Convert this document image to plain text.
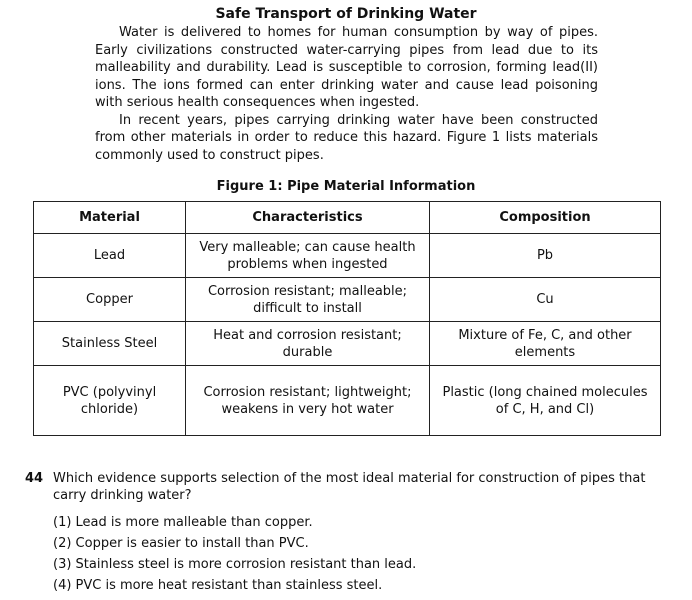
Safe Transport of Drinking Water

Water is delivered to homes for human consumption by way of pipes. Early civilizations constructed water-carrying pipes from lead due to its malleability and durability. Lead is susceptible to corrosion, forming lead(II) ions. The ions formed can enter drinking water and cause lead poisoning with serious health consequences when ingested.

In recent years, pipes carrying drinking water have been constructed from other materials in order to reduce this hazard. Figure 1 lists materials commonly used to construct pipes.

Figure 1: Pipe Material Information
Material	Characteristics	Composition
Lead	Very malleable; can cause health problems when ingested	Pb
Copper	Corrosion resistant; malleable; difficult to install	Cu
Stainless Steel	Heat and corrosion resistant; durable	Mixture of Fe, C, and other elements
PVC (polyvinyl chloride)	Corrosion resistant; lightweight; weakens in very hot water	Plastic (long chained molecules of C, H, and Cl)
44 Which evidence supports selection of the most ideal material for construction of pipes that carry drinking water?
(1) Lead is more malleable than copper.
(2) Copper is easier to install than PVC.
(3) Stainless steel is more corrosion resistant than lead.
(4) PVC is more heat resistant than stainless steel.
